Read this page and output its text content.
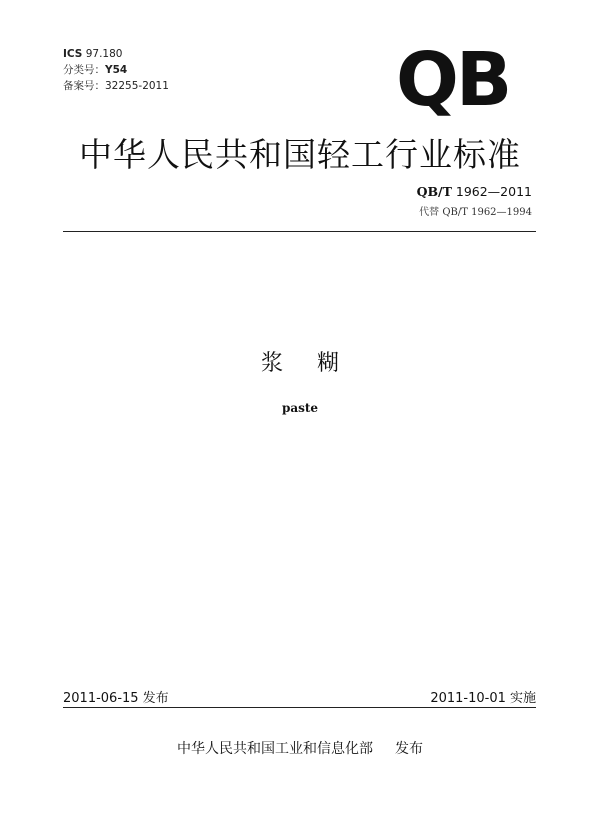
ICS 97.180
分类号：Y54
备案号：32255-2011	QB
中华人民共和国轻工行业标准
QB/T 1962—2011
代替 QB/T 1962—1994
浆糊
paste
2011-06-15 发布	2011-10-01 实施
中华人民共和国工业和信息化部 发布
